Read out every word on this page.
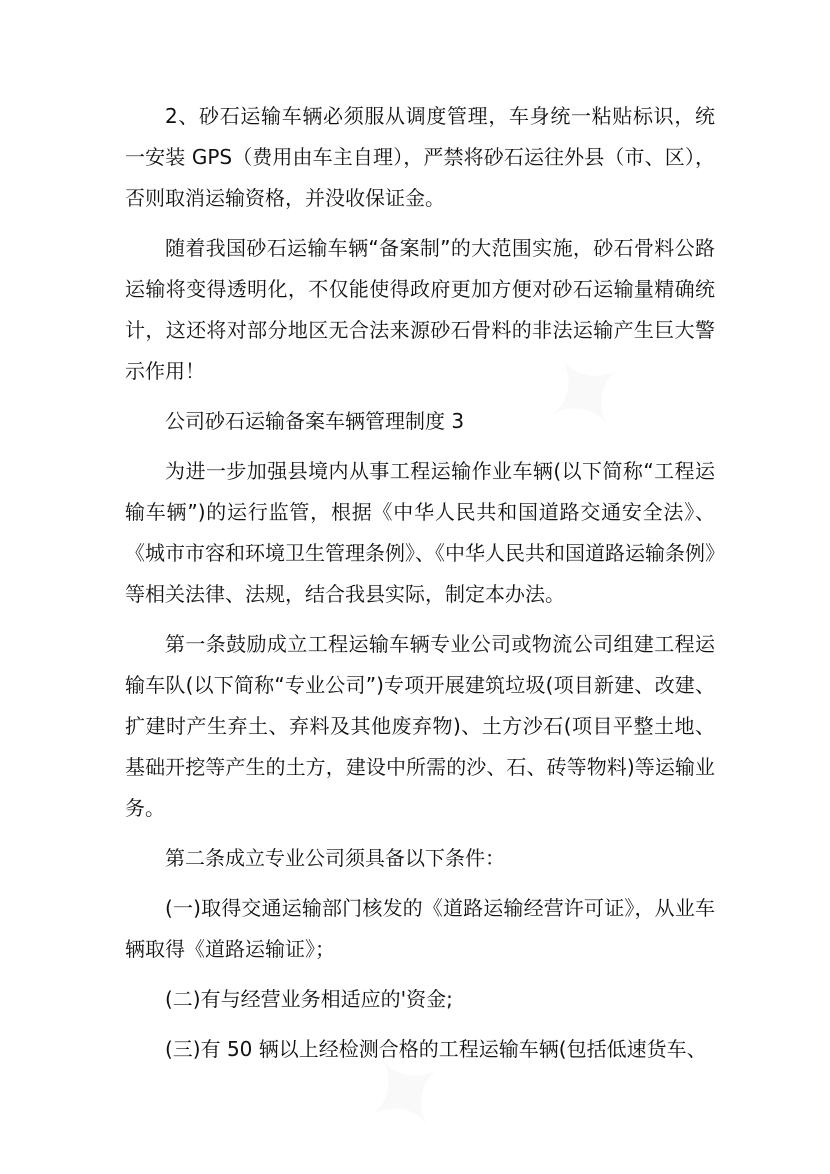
✦
✦

2、砂石运输车辆必须服从调度管理，车身统一粘贴标识，统一安装 GPS（费用由车主自理），严禁将砂石运往外县（市、区），否则取消运输资格，并没收保证金。

随着我国砂石运输车辆“备案制”的大范围实施，砂石骨料公路运输将变得透明化，不仅能使得政府更加方便对砂石运输量精确统计，这还将对部分地区无合法来源砂石骨料的非法运输产生巨大警示作用！

公司砂石运输备案车辆管理制度 3

为进一步加强县境内从事工程运输作业车辆(以下简称“工程运输车辆”)的运行监管，根据《中华人民共和国道路交通安全法》、《城市市容和环境卫生管理条例》、《中华人民共和国道路运输条例》等相关法律、法规，结合我县实际，制定本办法。

第一条鼓励成立工程运输车辆专业公司或物流公司组建工程运输车队(以下简称“专业公司”)专项开展建筑垃圾(项目新建、改建、扩建时产生弃土、弃料及其他废弃物)、土方沙石(项目平整土地、基础开挖等产生的土方，建设中所需的沙、石、砖等物料)等运输业务。

第二条成立专业公司须具备以下条件：

(一)取得交通运输部门核发的《道路运输经营许可证》，从业车辆取得《道路运输证》；

(二)有与经营业务相适应的'资金;

(三)有 50 辆以上经检测合格的工程运输车辆(包括低速货车、
